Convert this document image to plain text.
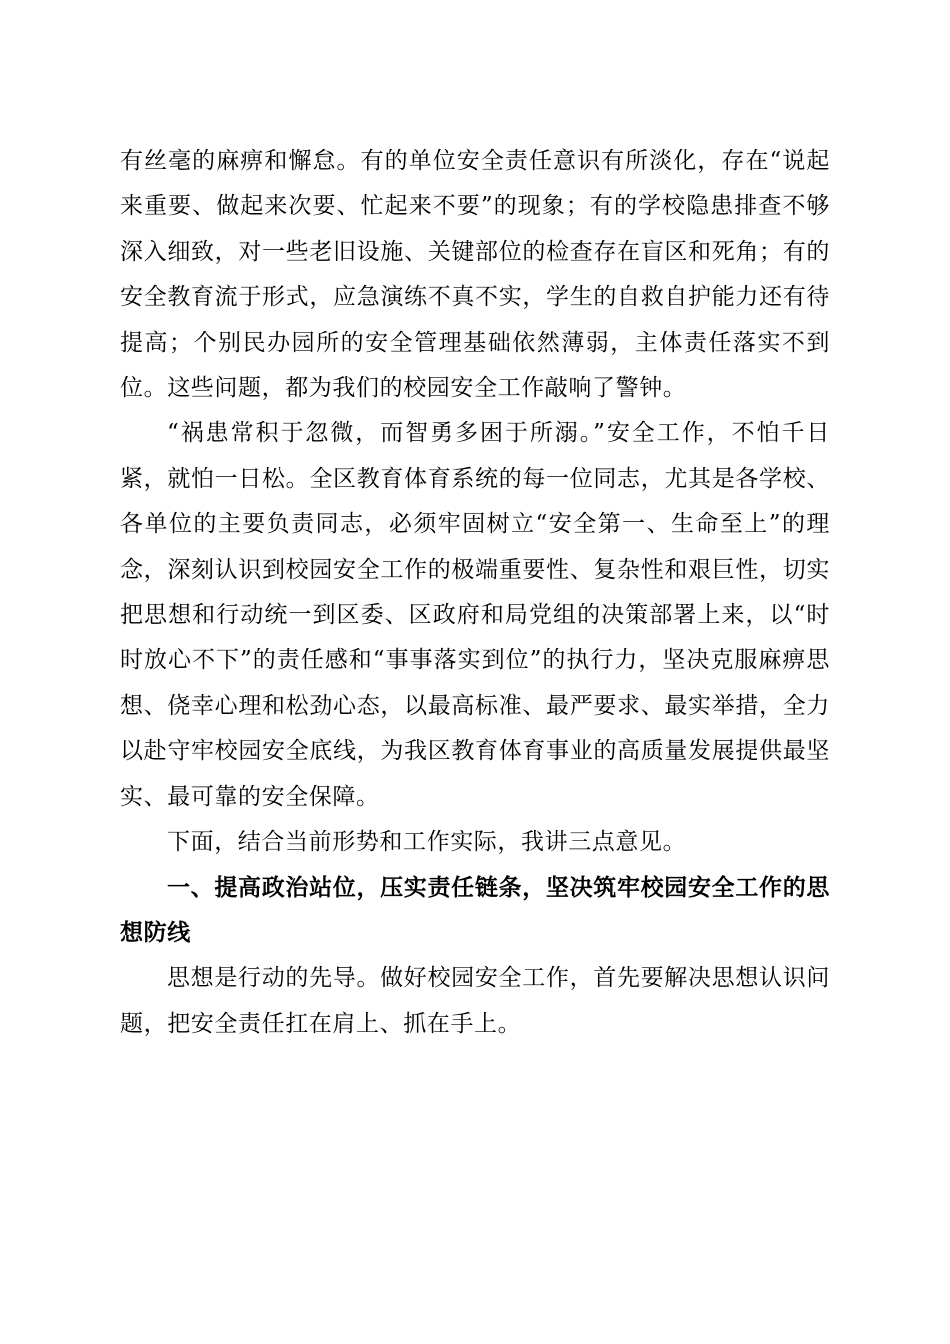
有丝毫的麻痹和懈怠。有的单位安全责任意识有所淡化，存在“说起来重要、做起来次要、忙起来不要”的现象；有的学校隐患排查不够深入细致，对一些老旧设施、关键部位的检查存在盲区和死角；有的安全教育流于形式，应急演练不真不实，学生的自救自护能力还有待提高；个别民办园所的安全管理基础依然薄弱，主体责任落实不到位。这些问题，都为我们的校园安全工作敲响了警钟。

“祸患常积于忽微，而智勇多困于所溺。”安全工作，不怕千日紧，就怕一日松。全区教育体育系统的每一位同志，尤其是各学校、各单位的主要负责同志，必须牢固树立“安全第一、生命至上”的理念，深刻认识到校园安全工作的极端重要性、复杂性和艰巨性，切实把思想和行动统一到区委、区政府和局党组的决策部署上来，以“时时放心不下”的责任感和“事事落实到位”的执行力，坚决克服麻痹思想、侥幸心理和松劲心态，以最高标准、最严要求、最实举措，全力以赴守牢校园安全底线，为我区教育体育事业的高质量发展提供最坚实、最可靠的安全保障。

下面，结合当前形势和工作实际，我讲三点意见。

一、提高政治站位，压实责任链条，坚决筑牢校园安全工作的思想防线

思想是行动的先导。做好校园安全工作，首先要解决思想认识问题，把安全责任扛在肩上、抓在手上。
